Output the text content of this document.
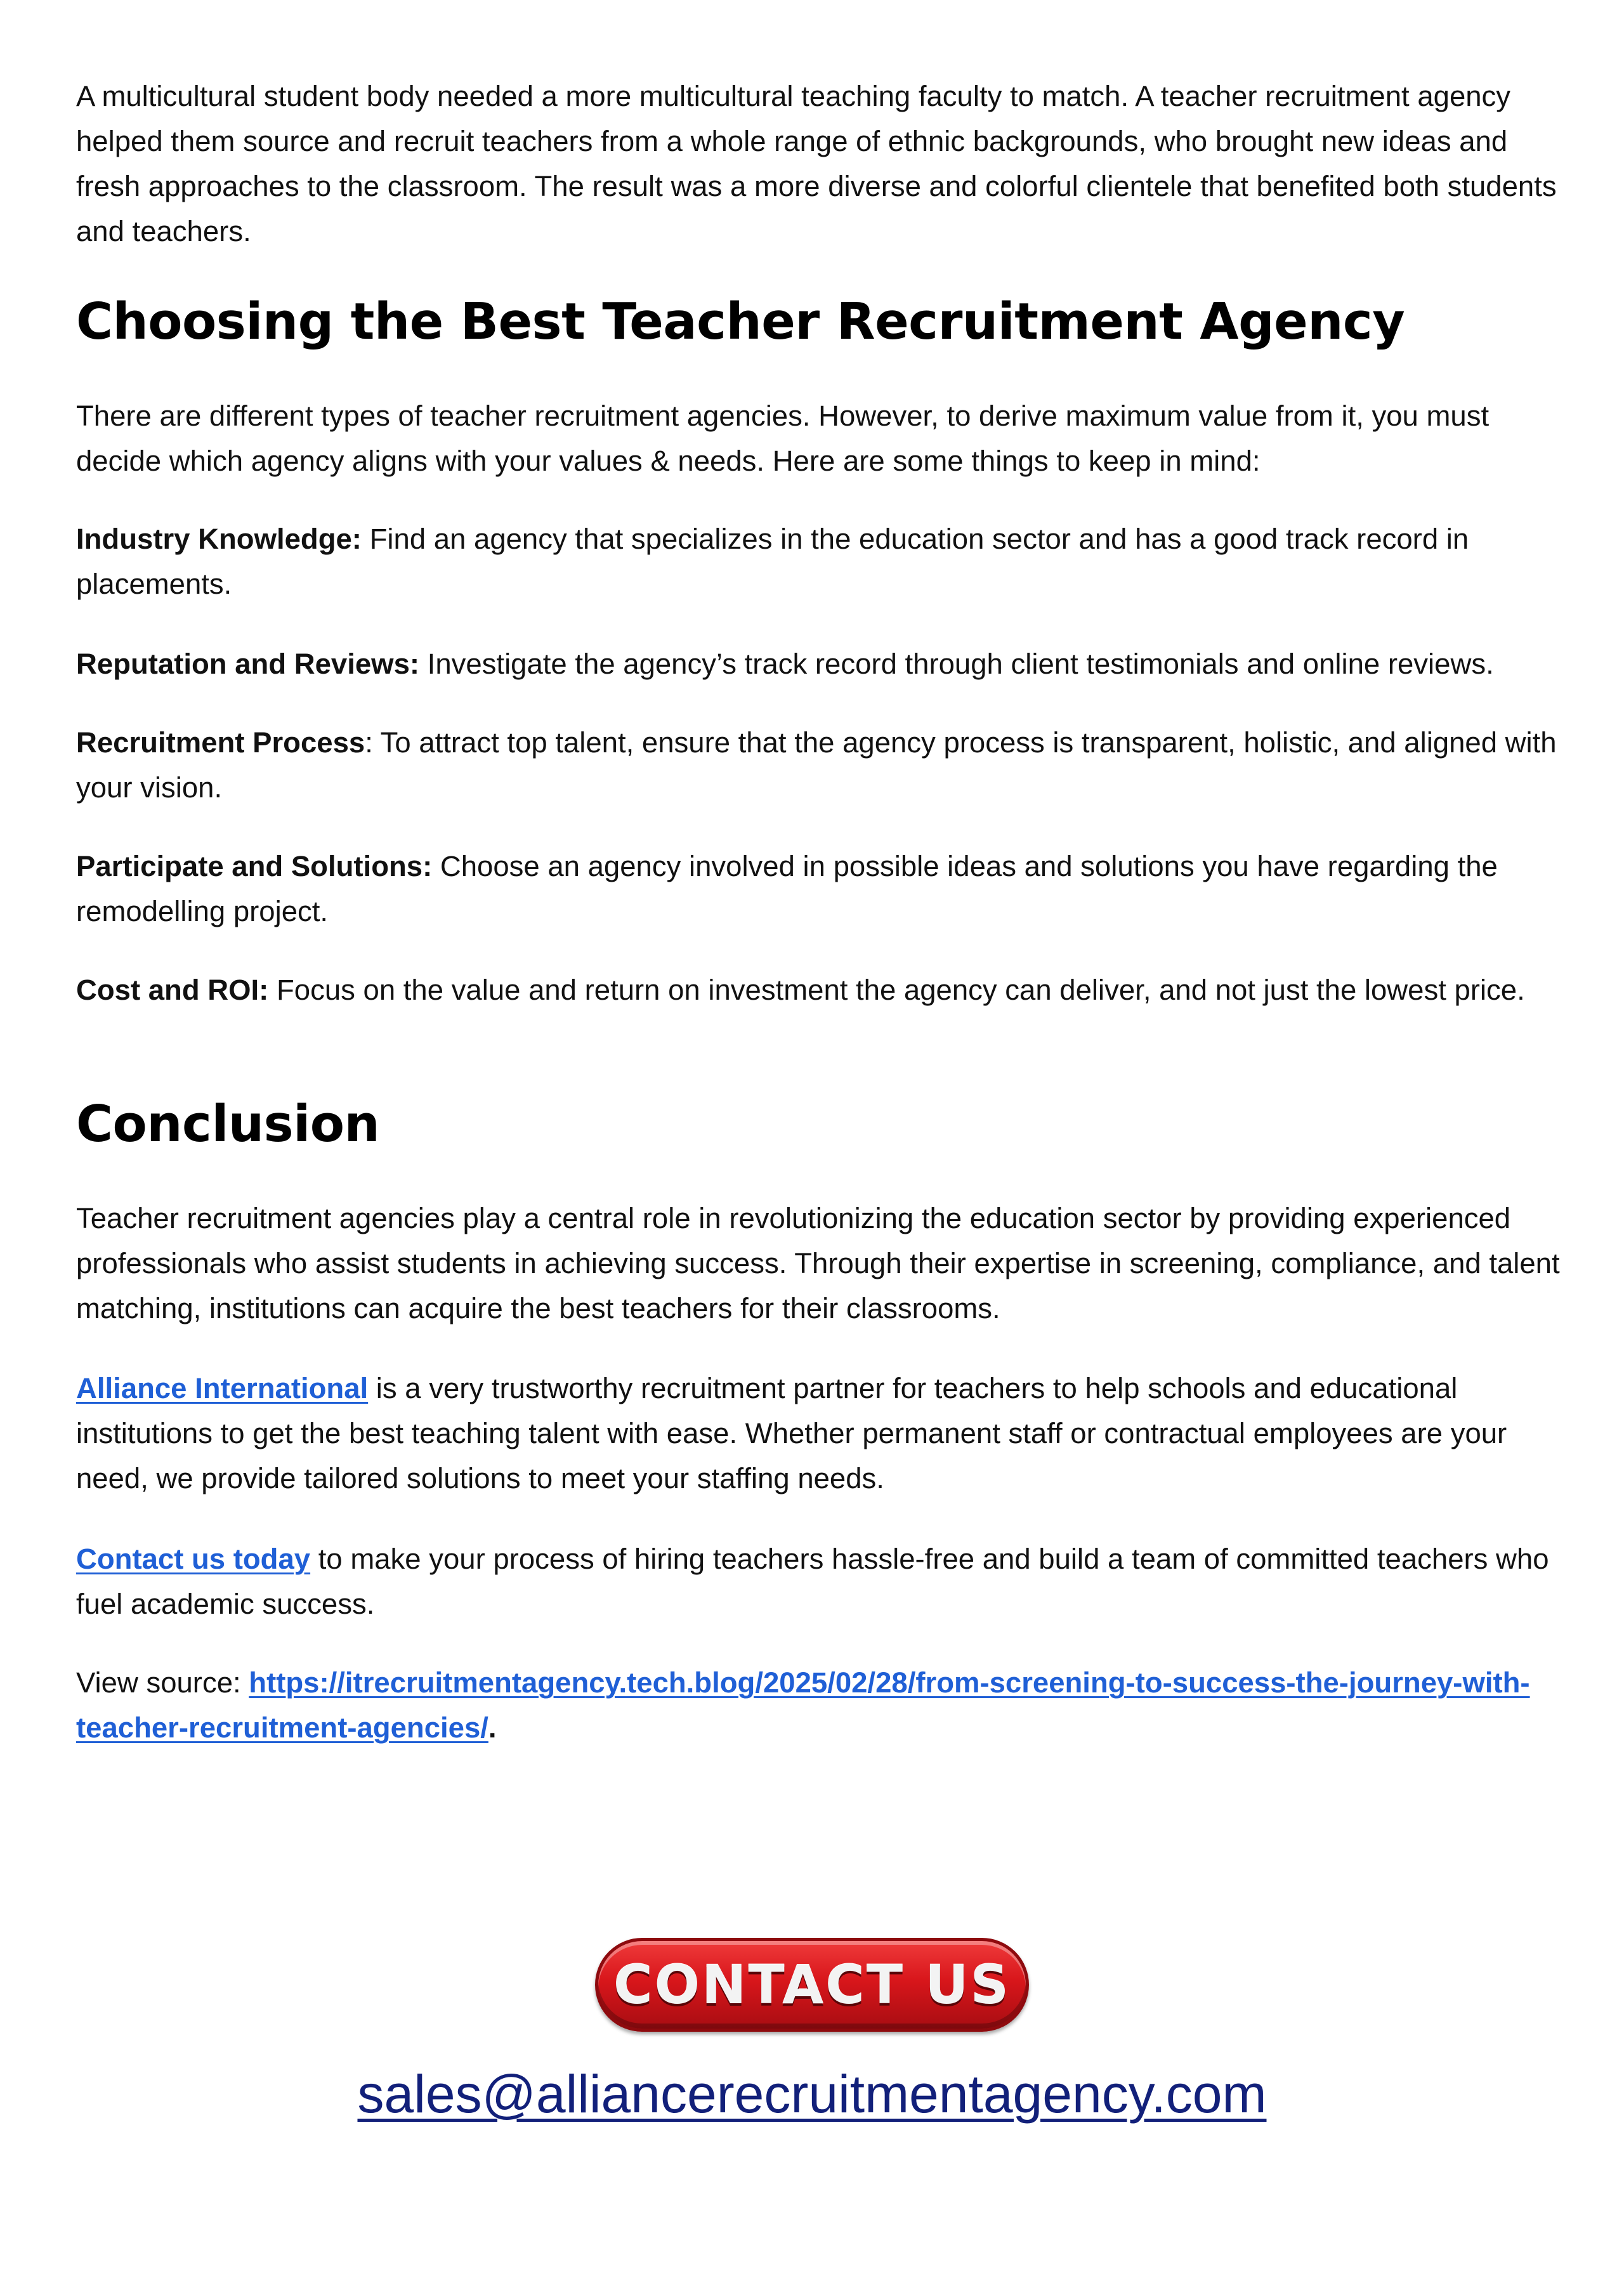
A multicultural student body needed a more multicultural teaching faculty to match. A teacher recruitment agency helped them source and recruit teachers from a whole range of ethnic backgrounds, who brought new ideas and fresh approaches to the classroom. The result was a more diverse and colorful clientele that benefited both students and teachers.

Choosing the Best Teacher Recruitment Agency

There are different types of teacher recruitment agencies. However, to derive maximum value from it, you must decide which agency aligns with your values & needs. Here are some things to keep in mind:

Industry Knowledge: Find an agency that specializes in the education sector and has a good track record in placements.

Reputation and Reviews: Investigate the agency’s track record through client testimonials and online reviews.

Recruitment Process: To attract top talent, ensure that the agency process is transparent, holistic, and aligned with your vision.

Participate and Solutions: Choose an agency involved in possible ideas and solutions you have regarding the remodelling project.

Cost and ROI: Focus on the value and return on investment the agency can deliver, and not just the lowest price.

Conclusion

Teacher recruitment agencies play a central role in revolutionizing the education sector by providing experienced professionals who assist students in achieving success. Through their expertise in screening, compliance, and talent matching, institutions can acquire the best teachers for their classrooms.

Alliance International is a very trustworthy recruitment partner for teachers to help schools and educational institutions to get the best teaching talent with ease. Whether permanent staff or contractual employees are your need, we provide tailored solutions to meet your staffing needs.

Contact us today to make your process of hiring teachers hassle-free and build a team of committed teachers who fuel academic success.

View source: https://itrecruitmentagency.tech.blog/2025/02/28/from-screening-to-success-the-journey-with-teacher-recruitment-agencies/.

CONTACT US
sales@alliancerecruitmentagency.com
